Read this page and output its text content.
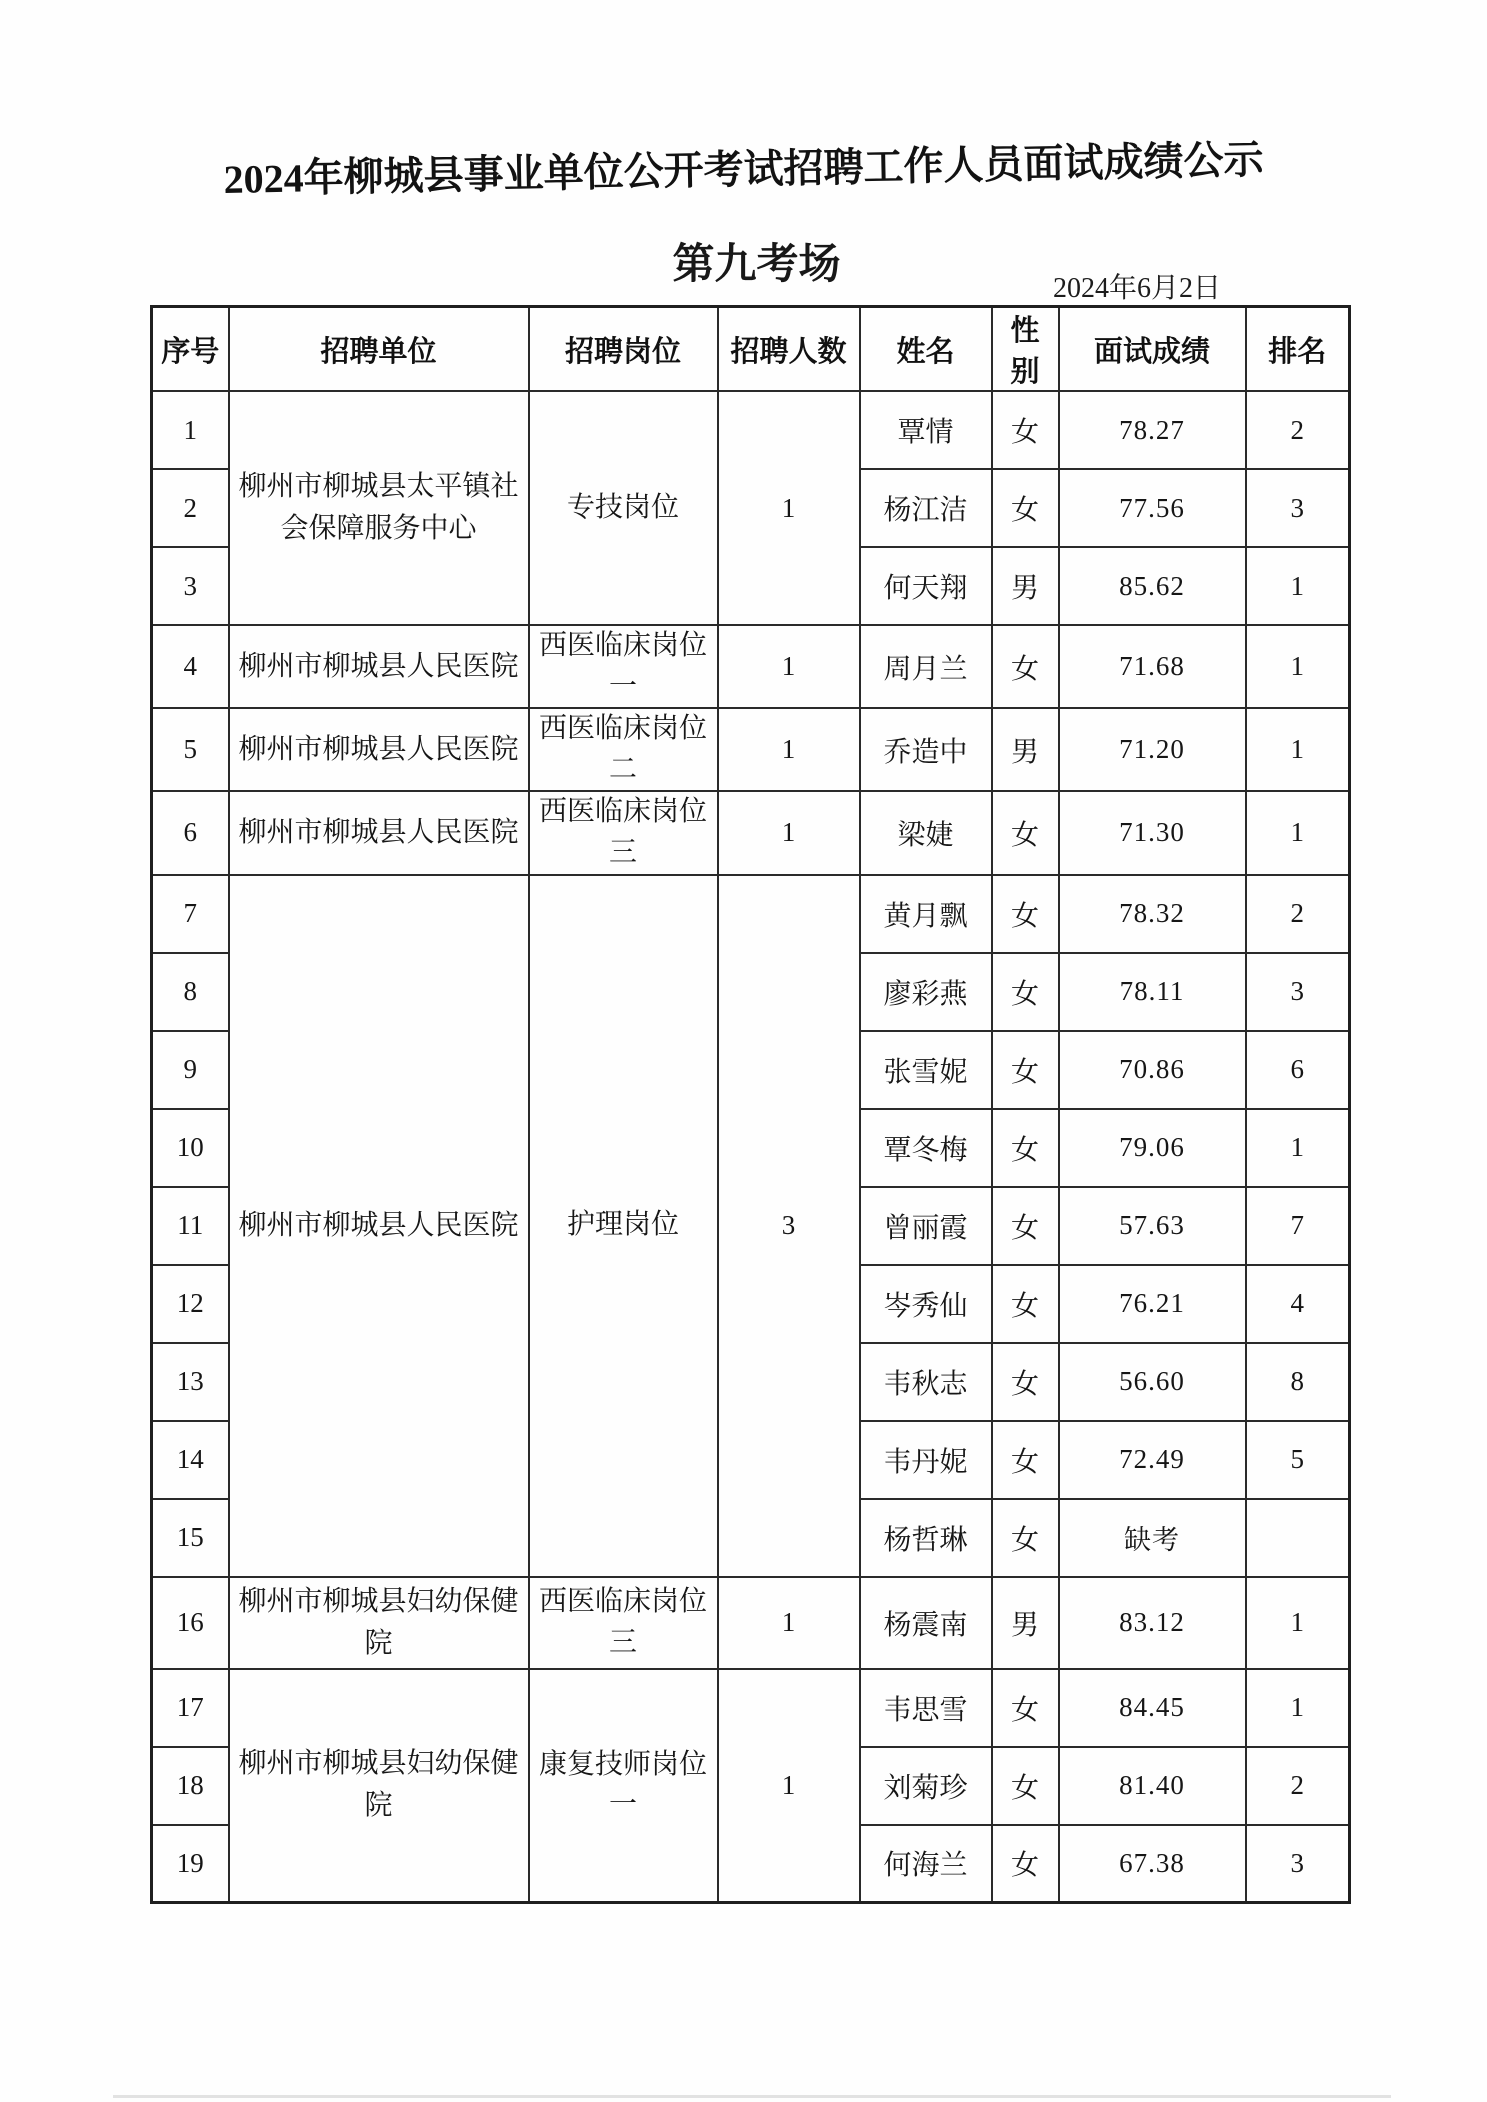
2024年柳城县事业单位公开考试招聘工作人员面试成绩公示
第九考场
2024年6月2日
序号	招聘单位	招聘岗位	招聘人数	姓名	性别	面试成绩	排名
1	柳州市柳城县太平镇社会保障服务中心	专技岗位	1	覃情	女	78.27	2
2				杨江洁	女	77.56	3
3				何天翔	男	85.62	1
4	柳州市柳城县人民医院	西医临床岗位一	1	周月兰	女	71.68	1
5	柳州市柳城县人民医院	西医临床岗位二	1	乔造中	男	71.20	1
6	柳州市柳城县人民医院	西医临床岗位三	1	梁婕	女	71.30	1
7	柳州市柳城县人民医院	护理岗位	3	黄月飘	女	78.32	2
8				廖彩燕	女	78.11	3
9				张雪妮	女	70.86	6
10				覃冬梅	女	79.06	1
11				曾丽霞	女	57.63	7
12				岑秀仙	女	76.21	4
13				韦秋志	女	56.60	8
14				韦丹妮	女	72.49	5
15				杨哲琳	女	缺考	
16	柳州市柳城县妇幼保健院	西医临床岗位三	1	杨震南	男	83.12	1
17	柳州市柳城县妇幼保健院	康复技师岗位一	1	韦思雪	女	84.45	1
18				刘菊珍	女	81.40	2
19				何海兰	女	67.38	3
